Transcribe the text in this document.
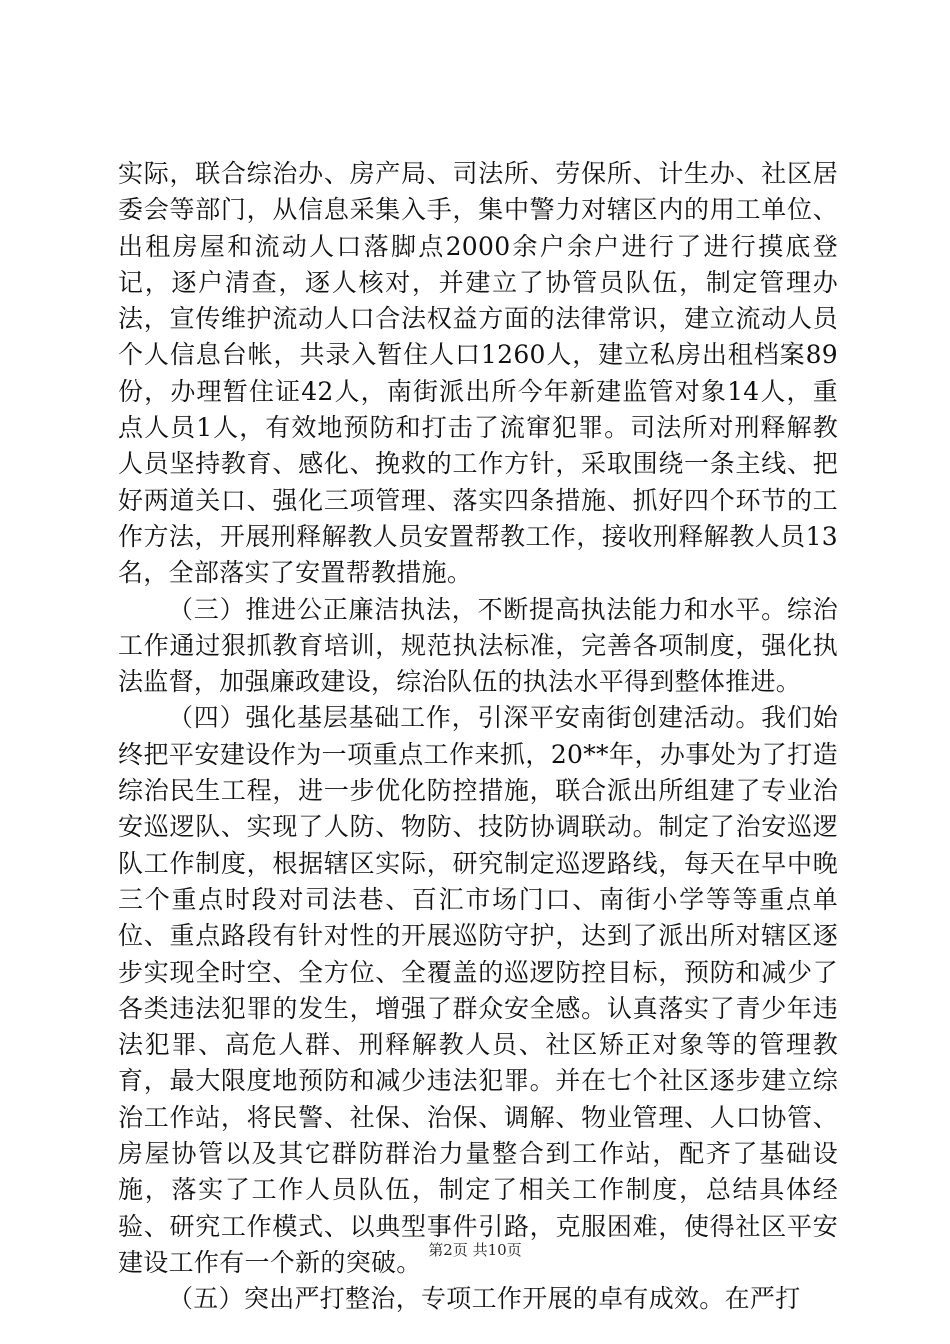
实际，联合综治办、房产局、司法所、劳保所、计生办、社区居委会等部门，从信息采集入手，集中警力对辖区内的用工单位、出租房屋和流动人口落脚点2000余户余户进行了进行摸底登记，逐户清查，逐人核对，并建立了协管员队伍，制定管理办法，宣传维护流动人口合法权益方面的法律常识，建立流动人员个人信息台帐，共录入暂住人口1260人，建立私房出租档案89份，办理暂住证42人，南街派出所今年新建监管对象14人，重点人员1人，有效地预防和打击了流窜犯罪。司法所对刑释解教人员坚持教育、感化、挽救的工作方针，采取围绕一条主线、把好两道关口、强化三项管理、落实四条措施、抓好四个环节的工作方法，开展刑释解教人员安置帮教工作，接收刑释解教人员13名，全部落实了安置帮教措施。

（三）推进公正廉洁执法，不断提高执法能力和水平。综治工作通过狠抓教育培训，规范执法标准，完善各项制度，强化执法监督，加强廉政建设，综治队伍的执法水平得到整体推进。

（四）强化基层基础工作，引深平安南街创建活动。我们始终把平安建设作为一项重点工作来抓，20**年，办事处为了打造综治民生工程，进一步优化防控措施，联合派出所组建了专业治安巡逻队、实现了人防、物防、技防协调联动。制定了治安巡逻队工作制度，根据辖区实际，研究制定巡逻路线，每天在早中晚三个重点时段对司法巷、百汇市场门口、南街小学等等重点单位、重点路段有针对性的开展巡防守护，达到了派出所对辖区逐步实现全时空、全方位、全覆盖的巡逻防控目标，预防和减少了各类违法犯罪的发生，增强了群众安全感。认真落实了青少年违法犯罪、高危人群、刑释解教人员、社区矫正对象等的管理教育，最大限度地预防和减少违法犯罪。并在七个社区逐步建立综治工作站，将民警、社保、治保、调解、物业管理、人口协管、房屋协管以及其它群防群治力量整合到工作站，配齐了基础设施，落实了工作人员队伍，制定了相关工作制度，总结具体经验、研究工作模式、以典型事件引路，克服困难，使得社区平安建设工作有一个新的突破。

（五）突出严打整治，专项工作开展的卓有成效。在严打

第2页 共10页
